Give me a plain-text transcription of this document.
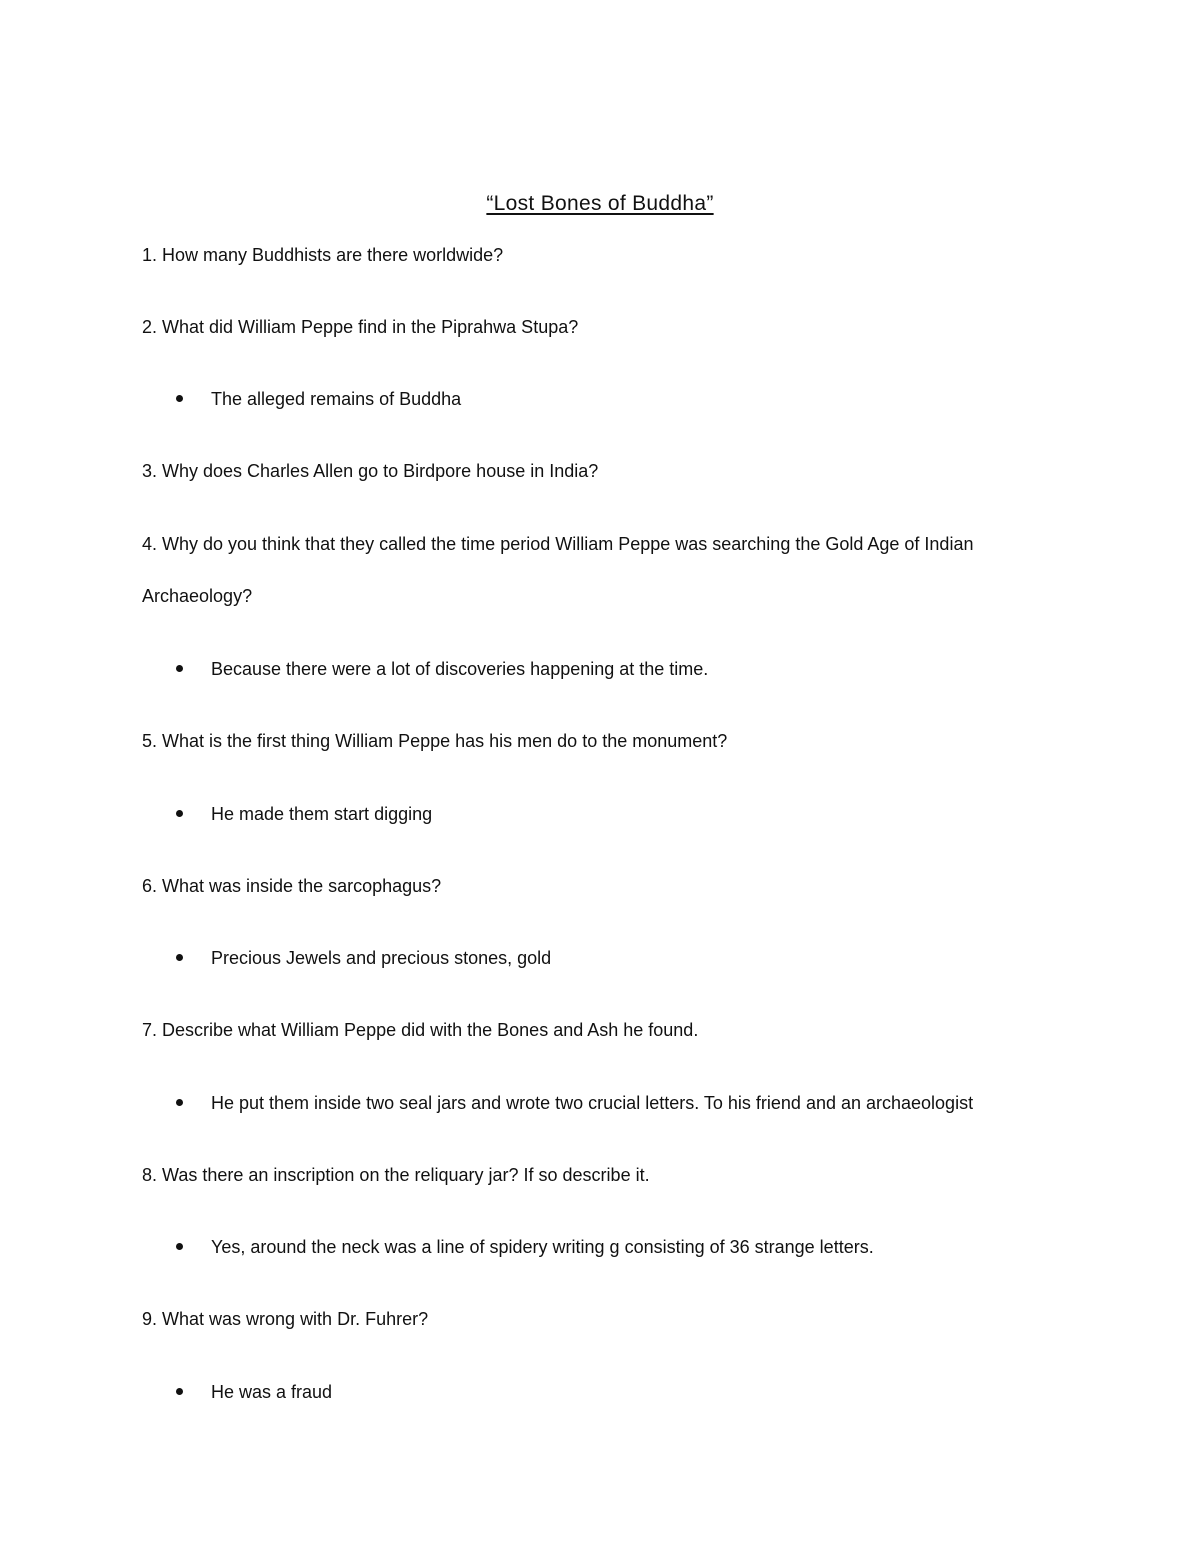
“Lost Bones of Buddha”
1. How many Buddhists are there worldwide?
2. What did William Peppe find in the Piprahwa Stupa?
The alleged remains of Buddha
3. Why does Charles Allen go to Birdpore house in India?
4. Why do you think that they called the time period William Peppe was searching the Gold Age of Indian
Archaeology?
Because there were a lot of discoveries happening at the time.
5. What is the first thing William Peppe has his men do to the monument?
He made them start digging
6. What was inside the sarcophagus?
Precious Jewels and precious stones, gold
7. Describe what William Peppe did with the Bones and Ash he found.
He put them inside two seal jars and wrote two crucial letters. To his friend and an archaeologist
8. Was there an inscription on the reliquary jar? If so describe it.
Yes, around the neck was a line of spidery writing g consisting of 36 strange letters.
9. What was wrong with Dr. Fuhrer?
He was a fraud
